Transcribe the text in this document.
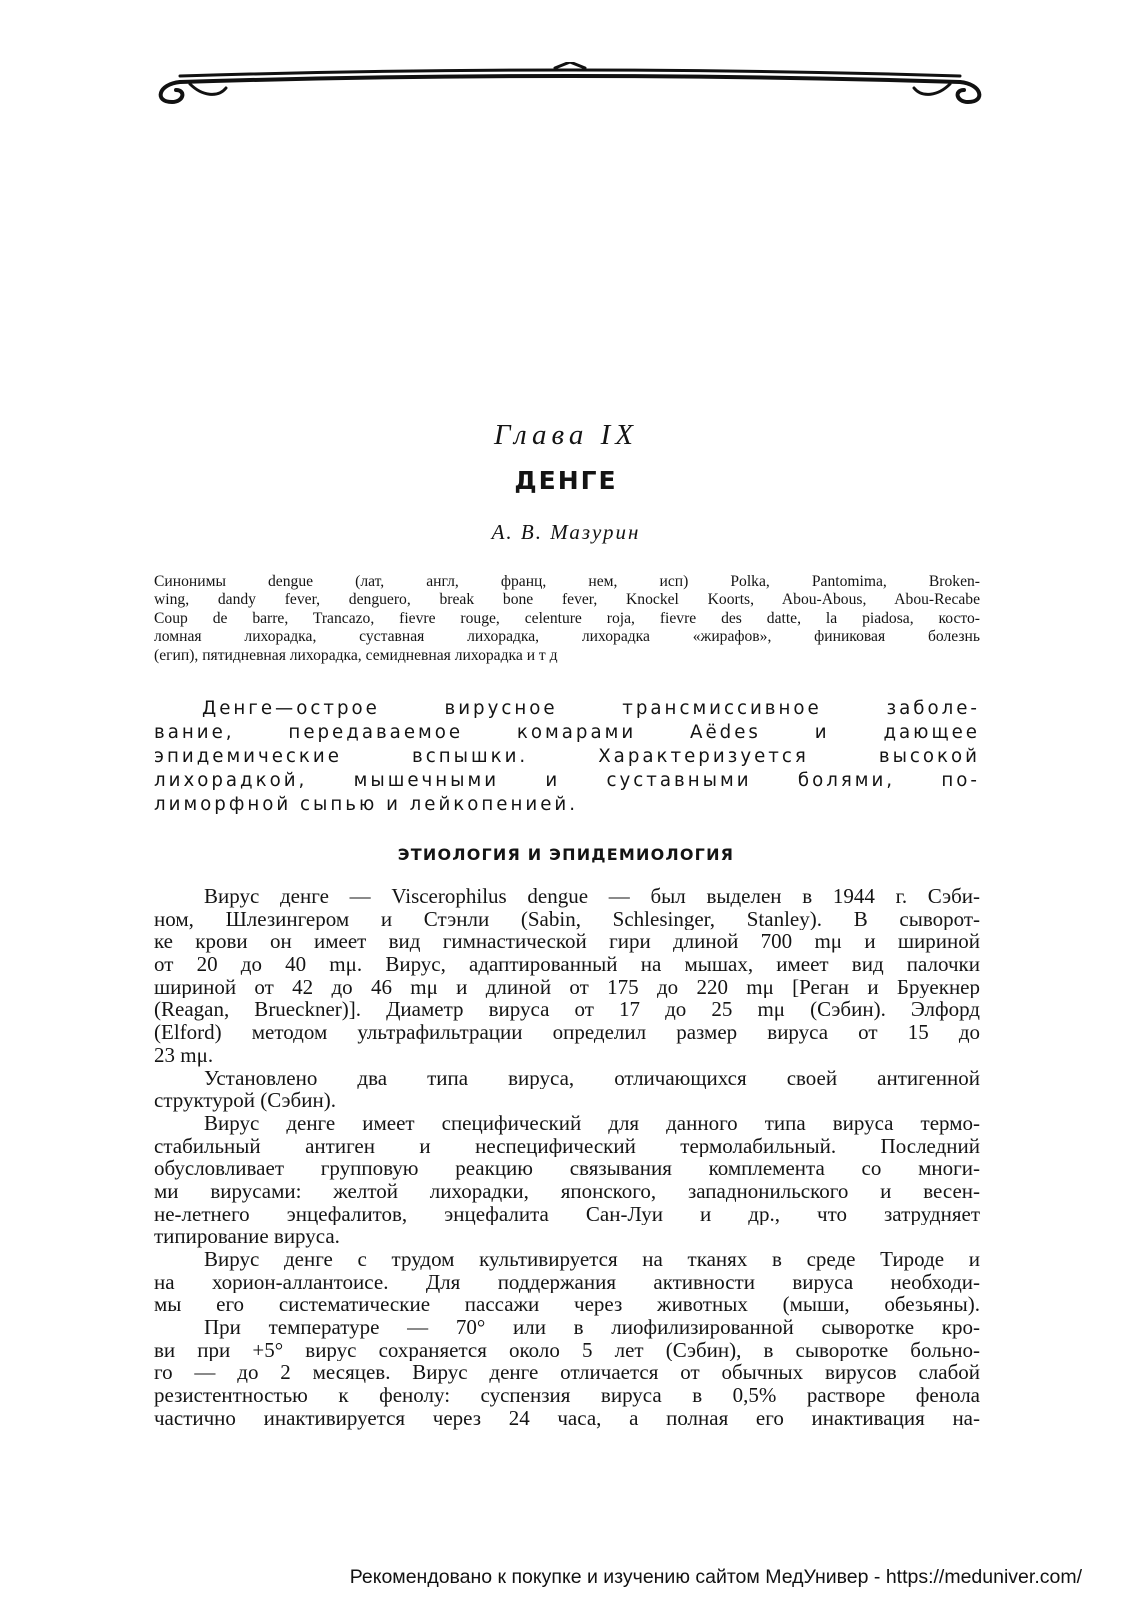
Глава IX
ДЕНГЕ
А. В. Мазурин
Синонимы dengue (лат, англ, франц, нем, исп) Polka, Pantomima, Broken-
wing, dandy fever, denguero, break bone fever, Knockel Koorts, Abou-Abous, Abou-Recabe
Coup de barre, Trancazo, fievre rouge, celenture roja, fievre des datte, la piadosa, косто-
ломная лихорадка, суставная лихорадка, лихорадка «жирафов», финиковая болезнь
(егип), пятидневная лихорадка, семидневная лихорадка и т д
Денге—острое вирусное трансмиссивное заболе-
вание, передаваемое комарами Aёdes и дающее
эпидемические вспышки. Характеризуется высокой
лихорадкой, мышечными и суставными болями, по-
лиморфной сыпью и лейкопенией.
ЭТИОЛОГИЯ И ЭПИДЕМИОЛОГИЯ
Вирус денге — Viscerophilus dengue — был выделен в 1944 г. Сэби-
ном, Шлезингером и Стэнли (Sabin, Schlesinger, Stanley). В сыворот-
ке крови он имеет вид гимнастической гири длиной 700 mμ и шириной
от 20 до 40 mμ. Вирус, адаптированный на мышах, имеет вид палочки
шириной от 42 до 46 mμ и длиной от 175 до 220 mμ [Реган и Бруекнер
(Reagan, Brueckner)]. Диаметр вируса от 17 до 25 mμ (Сэбин). Элфорд
(Elford) методом ультрафильтрации определил размер вируса от 15 до
23 mμ.
Установлено два типа вируса, отличающихся своей антигенной
структурой (Сэбин).
Вирус денге имеет специфический для данного типа вируса термо-
стабильный антиген и неспецифический термолабильный. Последний
обусловливает групповую реакцию связывания комплемента со многи-
ми вирусами: желтой лихорадки, японского, западнонильского и весен-
не-летнего энцефалитов, энцефалита Сан-Луи и др., что затрудняет
типирование вируса.
Вирус денге с трудом культивируется на тканях в среде Тироде и
на хорион-аллантоисе. Для поддержания активности вируса необходи-
мы его систематические пассажи через животных (мыши, обезьяны).
При температуре — 70° или в лиофилизированной сыворотке кро-
ви при +5° вирус сохраняется около 5 лет (Сэбин), в сыворотке больно-
го — до 2 месяцев. Вирус денге отличается от обычных вирусов слабой
резистентностью к фенолу: суспензия вируса в 0,5% растворе фенола
частично инактивируется через 24 часа, а полная его инактивация на-
Рекомендовано к покупке и изучению сайтом МедУнивер - https://meduniver.com/
